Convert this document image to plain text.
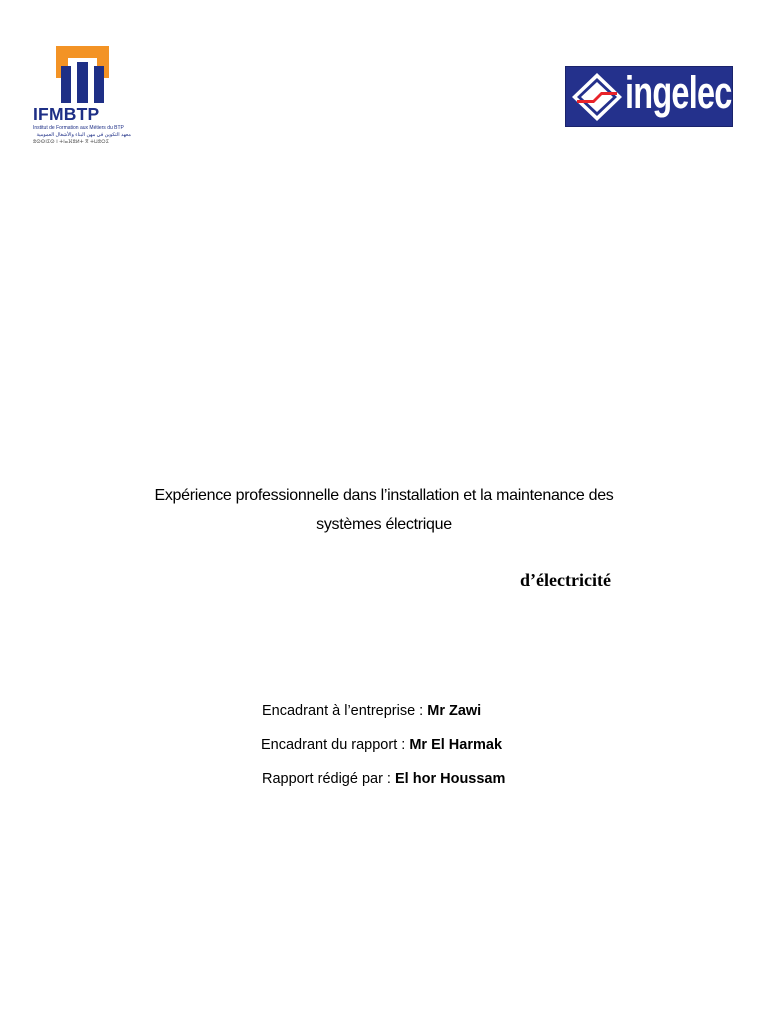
IFMBTP
Institut de Formation aux Métiers du BTP
معهد التكوين في مهن البناء والأشغال العمومية
ⵓⵙⵙⵏⵉⵙ ⵏ ⵜⵏⴰⴼⵓⵍⵜ ⴳ ⵜⵡⵓⵔⵉ
ingelec
Expérience professionnelle dans l’installation et la maintenance des
systèmes électrique
d’électricité
Encadrant à l’entreprise : Mr Zawi
Encadrant du rapport : Mr El Harmak
Rapport rédigé par : El hor Houssam
